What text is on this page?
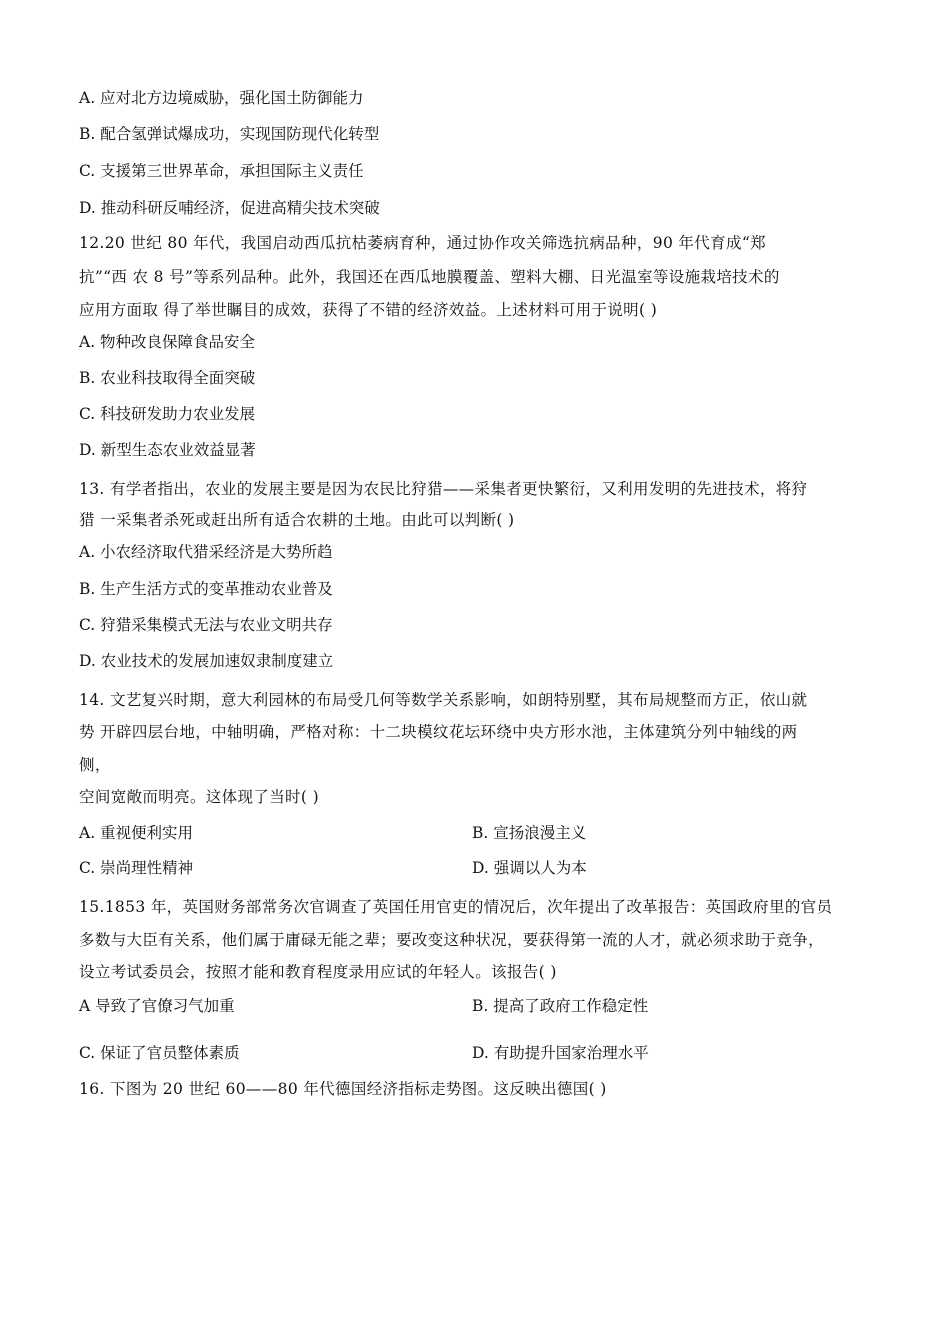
A. 应对北方边境威胁，强化国土防御能力
B. 配合氢弹试爆成功，实现国防现代化转型
C. 支援第三世界革命，承担国际主义责任
D. 推动科研反哺经济，促进高精尖技术突破
12.20 世纪 80 年代，我国启动西瓜抗枯萎病育种，通过协作攻关筛选抗病品种，90 年代育成“郑
抗”“西 农 8 号”等系列品种。此外，我国还在西瓜地膜覆盖、塑料大棚、日光温室等设施栽培技术的
应用方面取 得了举世瞩目的成效，获得了不错的经济效益。上述材料可用于说明( )
A. 物种改良保障食品安全
B. 农业科技取得全面突破
C. 科技研发助力农业发展
D. 新型生态农业效益显著
13. 有学者指出，农业的发展主要是因为农民比狩猎——采集者更快繁衍，又利用发明的先进技术，将狩
猎 一采集者杀死或赶出所有适合农耕的土地。由此可以判断( )
A. 小农经济取代猎采经济是大势所趋
B. 生产生活方式的变革推动农业普及
C. 狩猎采集模式无法与农业文明共存
D. 农业技术的发展加速奴隶制度建立
14. 文艺复兴时期，意大利园林的布局受几何等数学关系影响，如朗特别墅，其布局规整而方正，依山就
势 开辟四层台地，中轴明确，严格对称：十二块模纹花坛环绕中央方形水池，主体建筑分列中轴线的两
侧，
空间宽敞而明亮。这体现了当时( )
A. 重视便利实用	B. 宣扬浪漫主义
C. 崇尚理性精神	D. 强调以人为本
15.1853 年，英国财务部常务次官调查了英国任用官吏的情况后，次年提出了改革报告：英国政府里的官员
多数与大臣有关系，他们属于庸碌无能之辈；要改变这种状况，要获得第一流的人才，就必须求助于竞争，
设立考试委员会，按照才能和教育程度录用应试的年轻人。该报告( )
A 导致了官僚习气加重	B. 提高了政府工作稳定性
C. 保证了官员整体素质	D. 有助提升国家治理水平
16. 下图为 20 世纪 60——80 年代德国经济指标走势图。这反映出德国( )
